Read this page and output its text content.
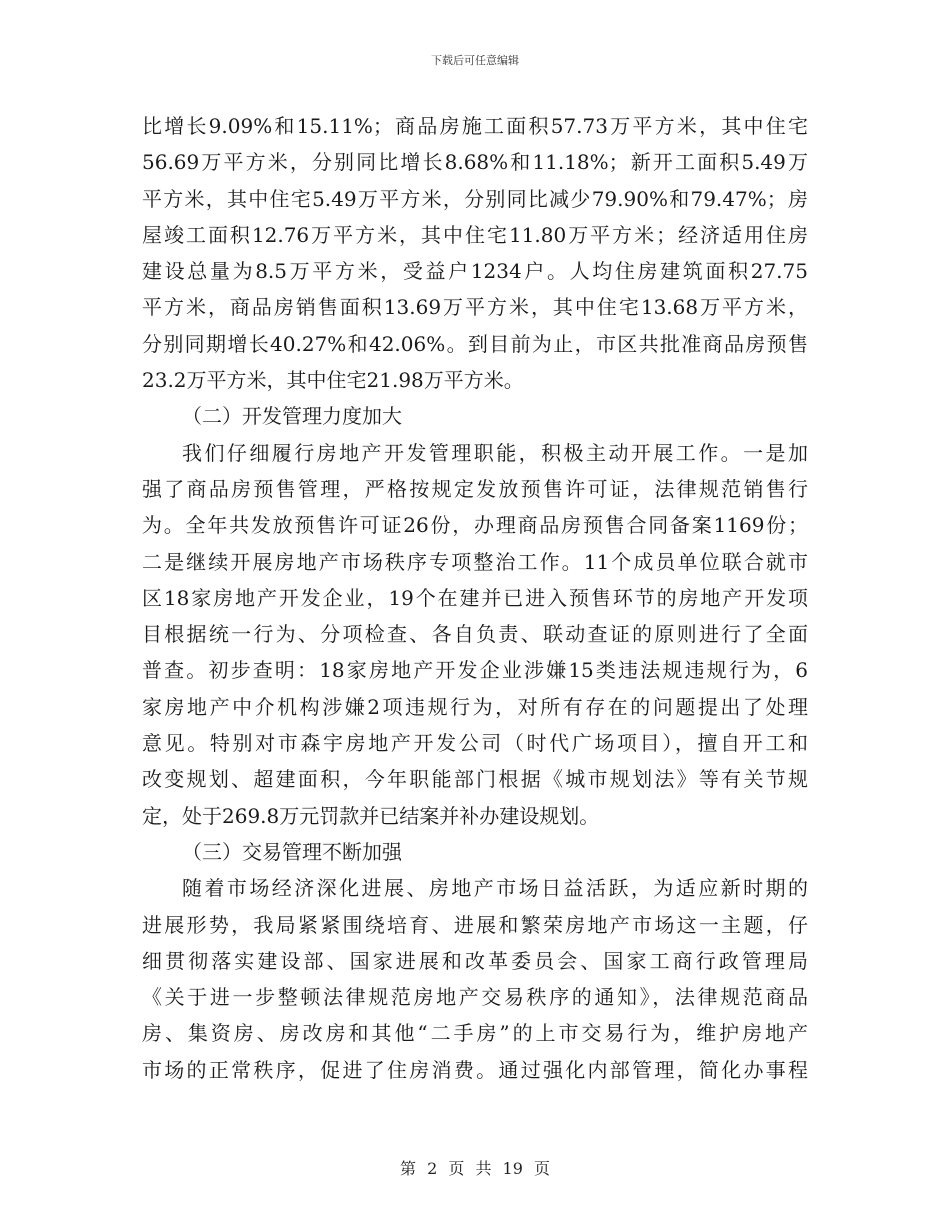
下载后可任意编辑
比增长9.09%和15.11%；商品房施工面积57.73万平方米，其中住宅
56.69万平方米，分别同比增长8.68%和11.18%；新开工面积5.49万
平方米，其中住宅5.49万平方米，分别同比减少79.90%和79.47%；房
屋竣工面积12.76万平方米，其中住宅11.80万平方米；经济适用住房
建设总量为8.5万平方米，受益户1234户。人均住房建筑面积27.75
平方米，商品房销售面积13.69万平方米，其中住宅13.68万平方米，
分别同期增长40.27%和42.06%。到目前为止，市区共批准商品房预售
23.2万平方米，其中住宅21.98万平方米。
（二）开发管理力度加大
我们仔细履行房地产开发管理职能，积极主动开展工作。一是加
强了商品房预售管理，严格按规定发放预售许可证，法律规范销售行
为。全年共发放预售许可证26份，办理商品房预售合同备案1169份；
二是继续开展房地产市场秩序专项整治工作。11个成员单位联合就市
区18家房地产开发企业，19个在建并已进入预售环节的房地产开发项
目根据统一行为、分项检查、各自负责、联动查证的原则进行了全面
普查。初步查明：18家房地产开发企业涉嫌15类违法规违规行为，6
家房地产中介机构涉嫌2项违规行为，对所有存在的问题提出了处理
意见。特别对市森宇房地产开发公司（时代广场项目），擅自开工和
改变规划、超建面积，今年职能部门根据《城市规划法》等有关节规
定，处于269.8万元罚款并已结案并补办建设规划。
（三）交易管理不断加强
随着市场经济深化进展、房地产市场日益活跃，为适应新时期的
进展形势，我局紧紧围绕培育、进展和繁荣房地产市场这一主题，仔
细贯彻落实建设部、国家进展和改革委员会、国家工商行政管理局
《关于进一步整顿法律规范房地产交易秩序的通知》，法律规范商品
房、集资房、房改房和其他“二手房”的上市交易行为，维护房地产
市场的正常秩序，促进了住房消费。通过强化内部管理，简化办事程
第 2 页 共 19 页
